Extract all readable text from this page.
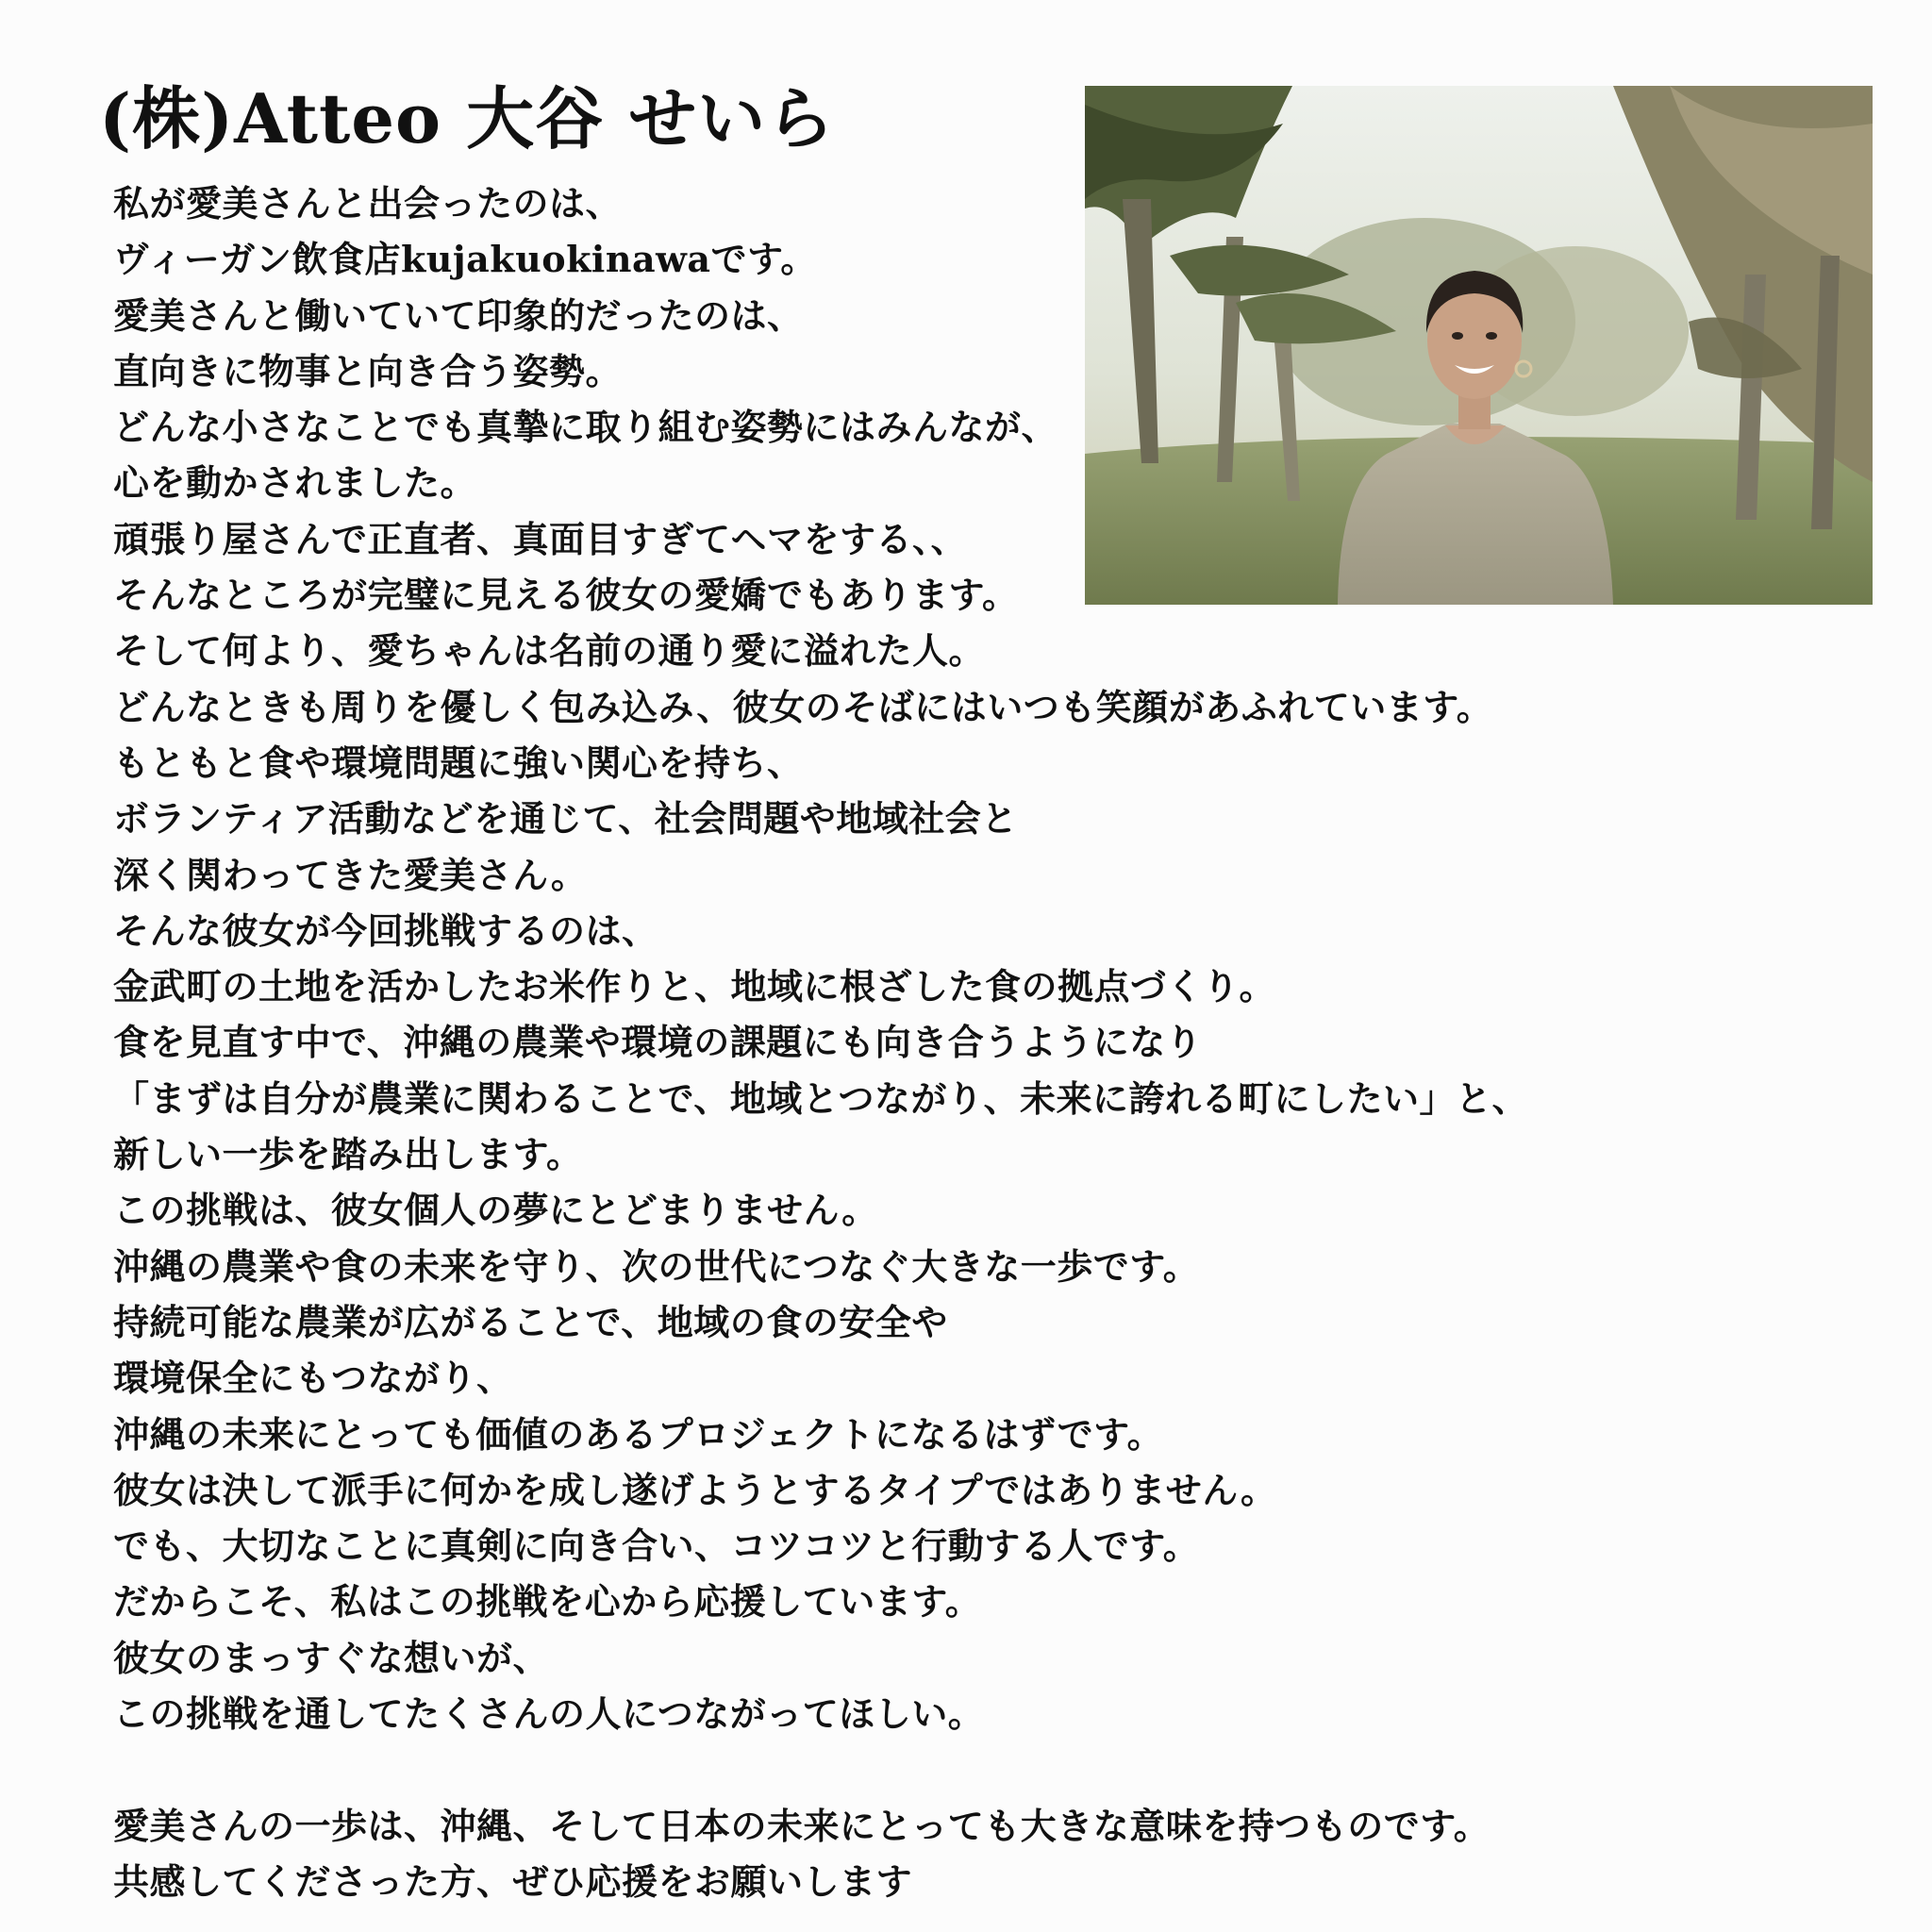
(株)Atteo 大谷 せいら
私が愛美さんと出会ったのは、
ヴィーガン飲食店kujakuokinawaです。
愛美さんと働いていて印象的だったのは、
直向きに物事と向き合う姿勢。
どんな小さなことでも真摯に取り組む姿勢にはみんなが、
心を動かされました。
頑張り屋さんで正直者、真面目すぎてヘマをする、、
そんなところが完璧に見える彼女の愛嬌でもあります。
そして何より、愛ちゃんは名前の通り愛に溢れた人。
どんなときも周りを優しく包み込み、彼女のそばにはいつも笑顔があふれています。
もともと食や環境問題に強い関心を持ち、
ボランティア活動などを通じて、社会問題や地域社会と
深く関わってきた愛美さん。
そんな彼女が今回挑戦するのは、
金武町の土地を活かしたお米作りと、地域に根ざした食の拠点づくり。
食を見直す中で、沖縄の農業や環境の課題にも向き合うようになり
「まずは自分が農業に関わることで、地域とつながり、未来に誇れる町にしたい」と、
新しい一歩を踏み出します。
この挑戦は、彼女個人の夢にとどまりません。
沖縄の農業や食の未来を守り、次の世代につなぐ大きな一歩です。
持続可能な農業が広がることで、地域の食の安全や
環境保全にもつながり、
沖縄の未来にとっても価値のあるプロジェクトになるはずです。
彼女は決して派手に何かを成し遂げようとするタイプではありません。
でも、大切なことに真剣に向き合い、コツコツと行動する人です。
だからこそ、私はこの挑戦を心から応援しています。
彼女のまっすぐな想いが、
この挑戦を通してたくさんの人につながってほしい。
愛美さんの一歩は、沖縄、そして日本の未来にとっても大きな意味を持つものです。
共感してくださった方、ぜひ応援をお願いします
